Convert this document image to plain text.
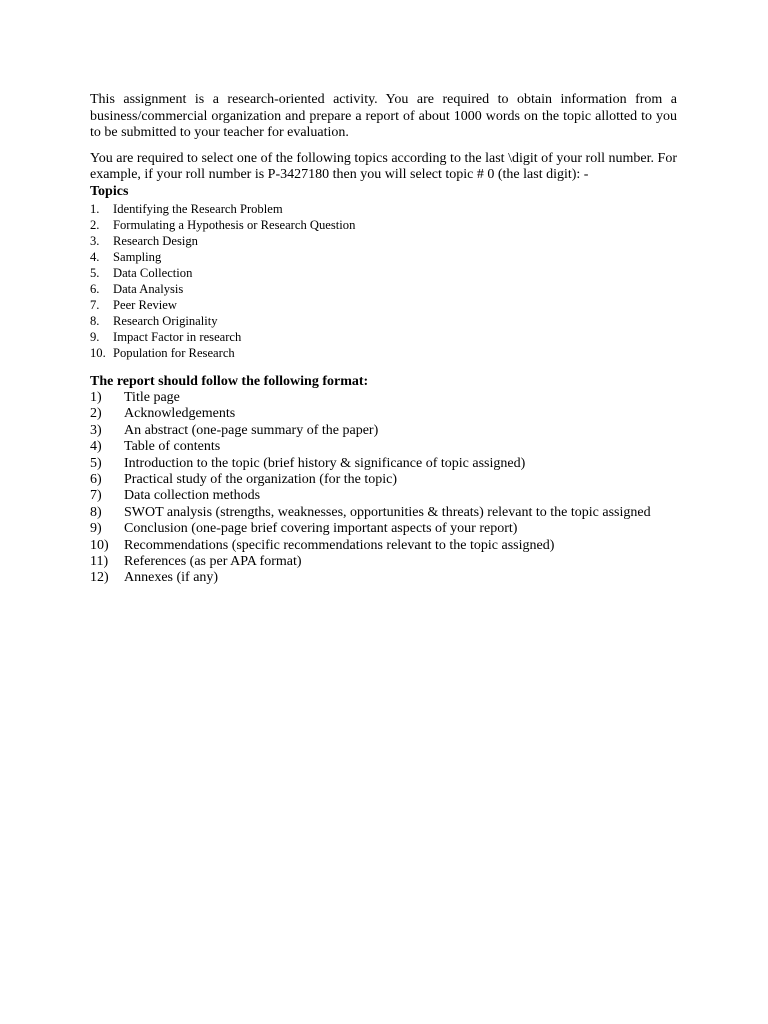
This assignment is a research-oriented activity. You are required to obtain information from a business/commercial organization and prepare a report of about 1000 words on the topic allotted to you to be submitted to your teacher for evaluation.

You are required to select one of the following topics according to the last \digit of your roll number. For example, if your roll number is P-3427180 then you will select topic # 0 (the last digit): -

Topics

1.	Identifying the Research Problem
2.	Formulating a Hypothesis or Research Question
3.	Research Design
4.	Sampling
5.	Data Collection
6.	Data Analysis
7.	Peer Review
8.	Research Originality
9.	Impact Factor in research
10. Population for Research

The report should follow the following format:

1)	Title page
2)	Acknowledgements
3)	An abstract (one-page summary of the paper)
4)	Table of contents
5)	Introduction to the topic (brief history & significance of topic assigned)
6)	Practical study of the organization (for the topic)
7)	Data collection methods
8)	SWOT analysis (strengths, weaknesses, opportunities & threats) relevant to the topic assigned
9)	Conclusion (one-page brief covering important aspects of your report)
10)	Recommendations (specific recommendations relevant to the topic assigned)
11)	References (as per APA format)
12)	Annexes (if any)
